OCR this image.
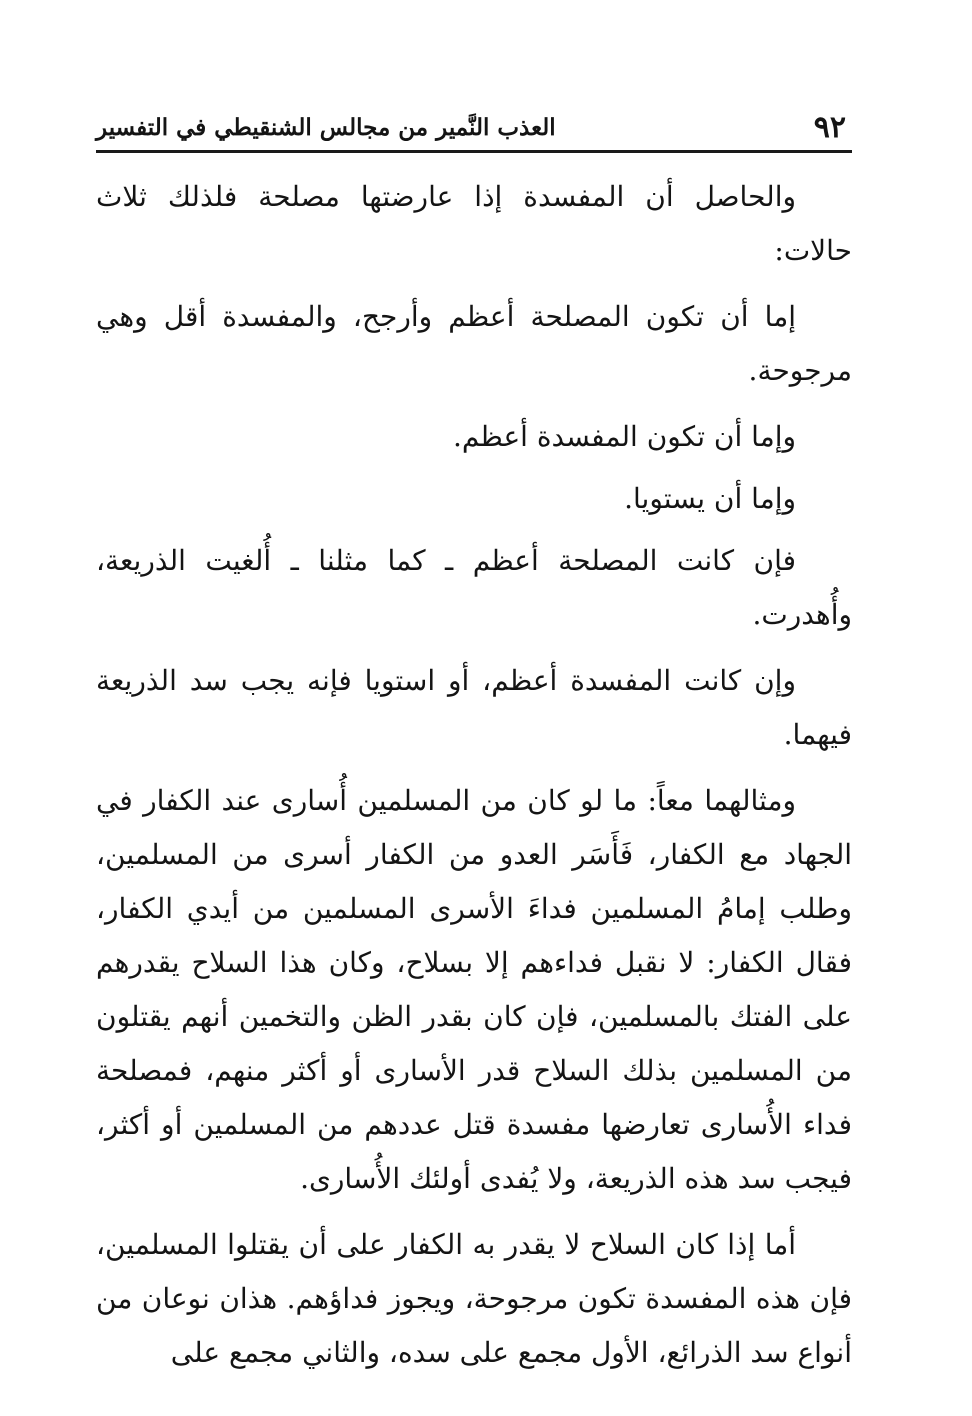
٩٢
العذب النَّمير من مجالس الشنقيطي في التفسير

والحاصل أن المفسدة إذا عارضتها مصلحة فلذلك ثلاث حالات:

إما أن تكون المصلحة أعظم وأرجح، والمفسدة أقل وهي مرجوحة.

وإما أن تكون المفسدة أعظم.

وإما أن يستويا.

فإن كانت المصلحة أعظم ـ كما مثلنا ـ أُلغيت الذريعة، وأُهدرت.

وإن كانت المفسدة أعظم، أو استويا فإنه يجب سد الذريعة فيهما.

ومثالهما معاً: ما لو كان من المسلمين أُسارى عند الكفار في الجهاد مع الكفار، فَأَسَر العدو من الكفار أسرى من المسلمين، وطلب إمامُ المسلمين فداءَ الأسرى المسلمين من أيدي الكفار، فقال الكفار: لا نقبل فداءهم إلا بسلاح، وكان هذا السلاح يقدرهم على الفتك بالمسلمين، فإن كان بقدر الظن والتخمين أنهم يقتلون من المسلمين بذلك السلاح قدر الأسارى أو أكثر منهم، فمصلحة فداء الأُسارى تعارضها مفسدة قتل عددهم من المسلمين أو أكثر، فيجب سد هذه الذريعة، ولا يُفدى أولئك الأُسارى.

أما إذا كان السلاح لا يقدر به الكفار على أن يقتلوا المسلمين، فإن هذه المفسدة تكون مرجوحة، ويجوز فداؤهم. هذان نوعان من أنواع سد الذرائع، الأول مجمع على سده، والثاني مجمع على
